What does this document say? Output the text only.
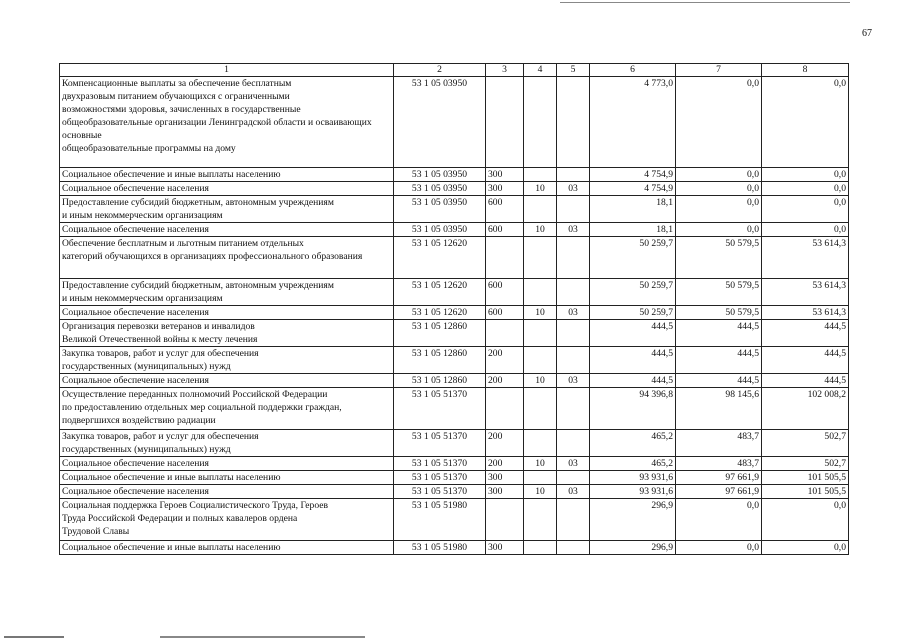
67
1	2	3	4	5	6	7	8

Компенсационные выплаты за обеспечение бесплатным
двухразовым питанием обучающихся с ограниченными
возможностями здоровья, зачисленных в государственные
общеобразовательные организации Ленинградской области и осваивающих основные
общеобразовательные программы на дому	53 1 05 03950				4 773,0	0,0	0,0
Социальное обеспечение и иные выплаты населению	53 1 05 03950	300			4 754,9	0,0	0,0
Социальное обеспечение населения	53 1 05 03950	300	10	03	4 754,9	0,0	0,0

Предоставление субсидий бюджетным, автономным учреждениям
и иным некоммерческим организациям	53 1 05 03950	600			18,1	0,0	0,0
Социальное обеспечение населения	53 1 05 03950	600	10	03	18,1	0,0	0,0

Обеспечение бесплатным и льготным питанием отдельных
категорий обучающихся в организациях профессионального образования	53 1 05 12620				50 259,7	50 579,5	53 614,3

Предоставление субсидий бюджетным, автономным учреждениям
и иным некоммерческим организациям	53 1 05 12620	600			50 259,7	50 579,5	53 614,3
Социальное обеспечение населения	53 1 05 12620	600	10	03	50 259,7	50 579,5	53 614,3

Организация перевозки ветеранов и инвалидов
Великой Отечественной войны к месту лечения	53 1 05 12860				444,5	444,5	444,5

Закупка товаров, работ и услуг для обеспечения
государственных (муниципальных) нужд	53 1 05 12860	200			444,5	444,5	444,5
Социальное обеспечение населения	53 1 05 12860	200	10	03	444,5	444,5	444,5

Осуществление переданных полномочий Российской Федерации
по предоставлению отдельных мер социальной поддержки граждан,
подвергшихся воздействию радиации	53 1 05 51370				94 396,8	98 145,6	102 008,2

Закупка товаров, работ и услуг для обеспечения
государственных (муниципальных) нужд	53 1 05 51370	200			465,2	483,7	502,7
Социальное обеспечение населения	53 1 05 51370	200	10	03	465,2	483,7	502,7
Социальное обеспечение и иные выплаты населению	53 1 05 51370	300			93 931,6	97 661,9	101 505,5
Социальное обеспечение населения	53 1 05 51370	300	10	03	93 931,6	97 661,9	101 505,5

Социальная поддержка Героев Социалистического Труда, Героев
Труда Российской Федерации и полных кавалеров ордена
Трудовой Славы	53 1 05 51980				296,9	0,0	0,0
Социальное обеспечение и иные выплаты населению	53 1 05 51980	300			296,9	0,0	0,0
